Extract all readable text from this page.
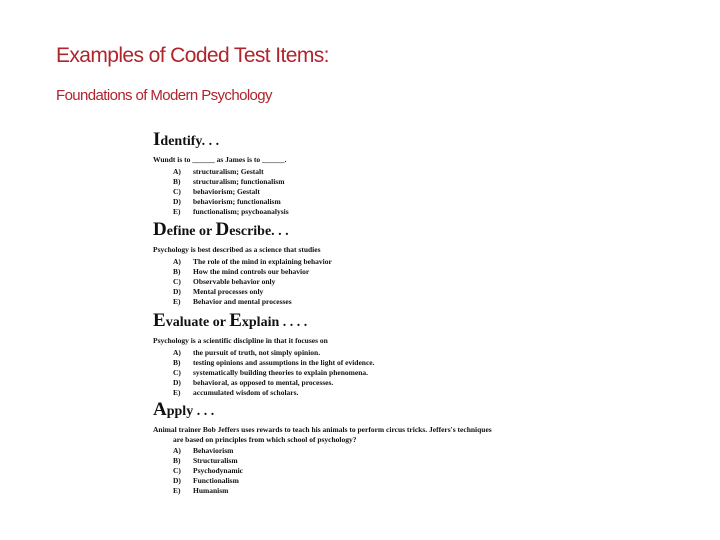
Examples of Coded Test Items:
Foundations of Modern Psychology

Identify. . .

Wundt is to ______ as James is to ______.

A)	structuralism; Gestalt
B)	structuralism; functionalism
C)	behaviorism; Gestalt
D)	behaviorism; functionalism
E)	functionalism; psychoanalysis

Define or Describe. . .

Psychology is best described as a science that studies

A)	The role of the mind in explaining behavior
B)	How the mind controls our behavior
C)	Observable behavior only
D)	Mental processes only
E)	Behavior and mental processes

Evaluate or Explain . . . .

Psychology is a scientific discipline in that it focuses on

A)	the pursuit of truth, not simply opinion.
B)	testing opinions and assumptions in the light of evidence.
C)	systematically building theories to explain phenomena.
D)	behavioral, as opposed to mental, processes.
E)	accumulated wisdom of scholars.

Apply . . .

Animal trainer Bob Jeffers uses rewards to teach his animals to perform circus tricks. Jeffers's techniques
are based on principles from which school of psychology?

A)	Behaviorism
B)	Structuralism
C)	Psychodynamic
D)	Functionalism
E)	Humanism
